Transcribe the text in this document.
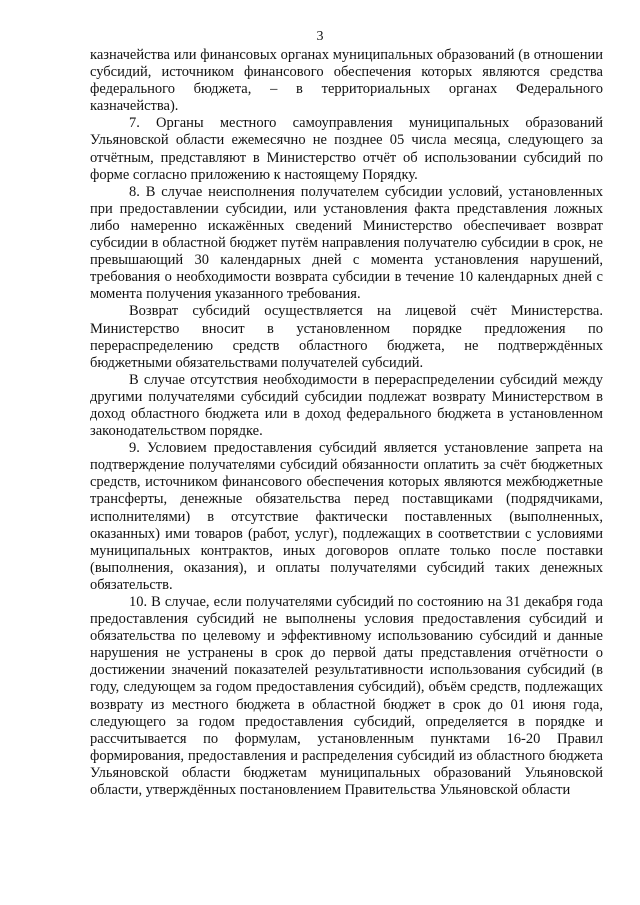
3

казначейства или финансовых органах муниципальных образований (в отношении субсидий, источником финансового обеспечения которых являются средства федерального бюджета, – в территориальных органах Федерального казначейства).

7. Органы местного самоуправления муниципальных образований Ульяновской области ежемесячно не позднее 05 числа месяца, следующего за отчётным, представляют в Министерство отчёт об использовании субсидий по форме согласно приложению к настоящему Порядку.

8. В случае неисполнения получателем субсидии условий, установленных при предоставлении субсидии, или установления факта представления ложных либо намеренно искажённых сведений Министерство обеспечивает возврат субсидии в областной бюджет путём направления получателю субсидии в срок, не превышающий 30 календарных дней с момента установления нарушений, требования о необходимости возврата субсидии в течение 10 календарных дней с момента получения указанного требования.

Возврат субсидий осуществляется на лицевой счёт Министерства. Министерство вносит в установленном порядке предложения по перераспределению средств областного бюджета, не подтверждённых бюджетными обязательствами получателей субсидий.

В случае отсутствия необходимости в перераспределении субсидий между другими получателями субсидий субсидии подлежат возврату Министерством в доход областного бюджета или в доход федерального бюджета в установленном законодательством порядке.

9. Условием предоставления субсидий является установление запрета на подтверждение получателями субсидий обязанности оплатить за счёт бюджетных средств, источником финансового обеспечения которых являются межбюджетные трансферты, денежные обязательства перед поставщиками (подрядчиками, исполнителями) в отсутствие фактически поставленных (выполненных, оказанных) ими товаров (работ, услуг), подлежащих в соответствии с условиями муниципальных контрактов, иных договоров оплате только после поставки (выполнения, оказания), и оплаты получателями субсидий таких денежных обязательств.

10. В случае, если получателями субсидий по состоянию на 31 декабря года предоставления субсидий не выполнены условия предоставления субсидий и обязательства по целевому и эффективному использованию субсидий и данные нарушения не устранены в срок до первой даты представления отчётности о достижении значений показателей результативности использования субсидий (в году, следующем за годом предоставления субсидий), объём средств, подлежащих возврату из местного бюджета в областной бюджет в срок до 01 июня года, следующего за годом предоставления субсидий, определяется в порядке и рассчитывается по формулам, установленным пунктами 16-20 Правил формирования, предоставления и распределения субсидий из областного бюджета Ульяновской области бюджетам муниципальных образований Ульяновской области, утверждённых постановлением Правительства Ульяновской области
